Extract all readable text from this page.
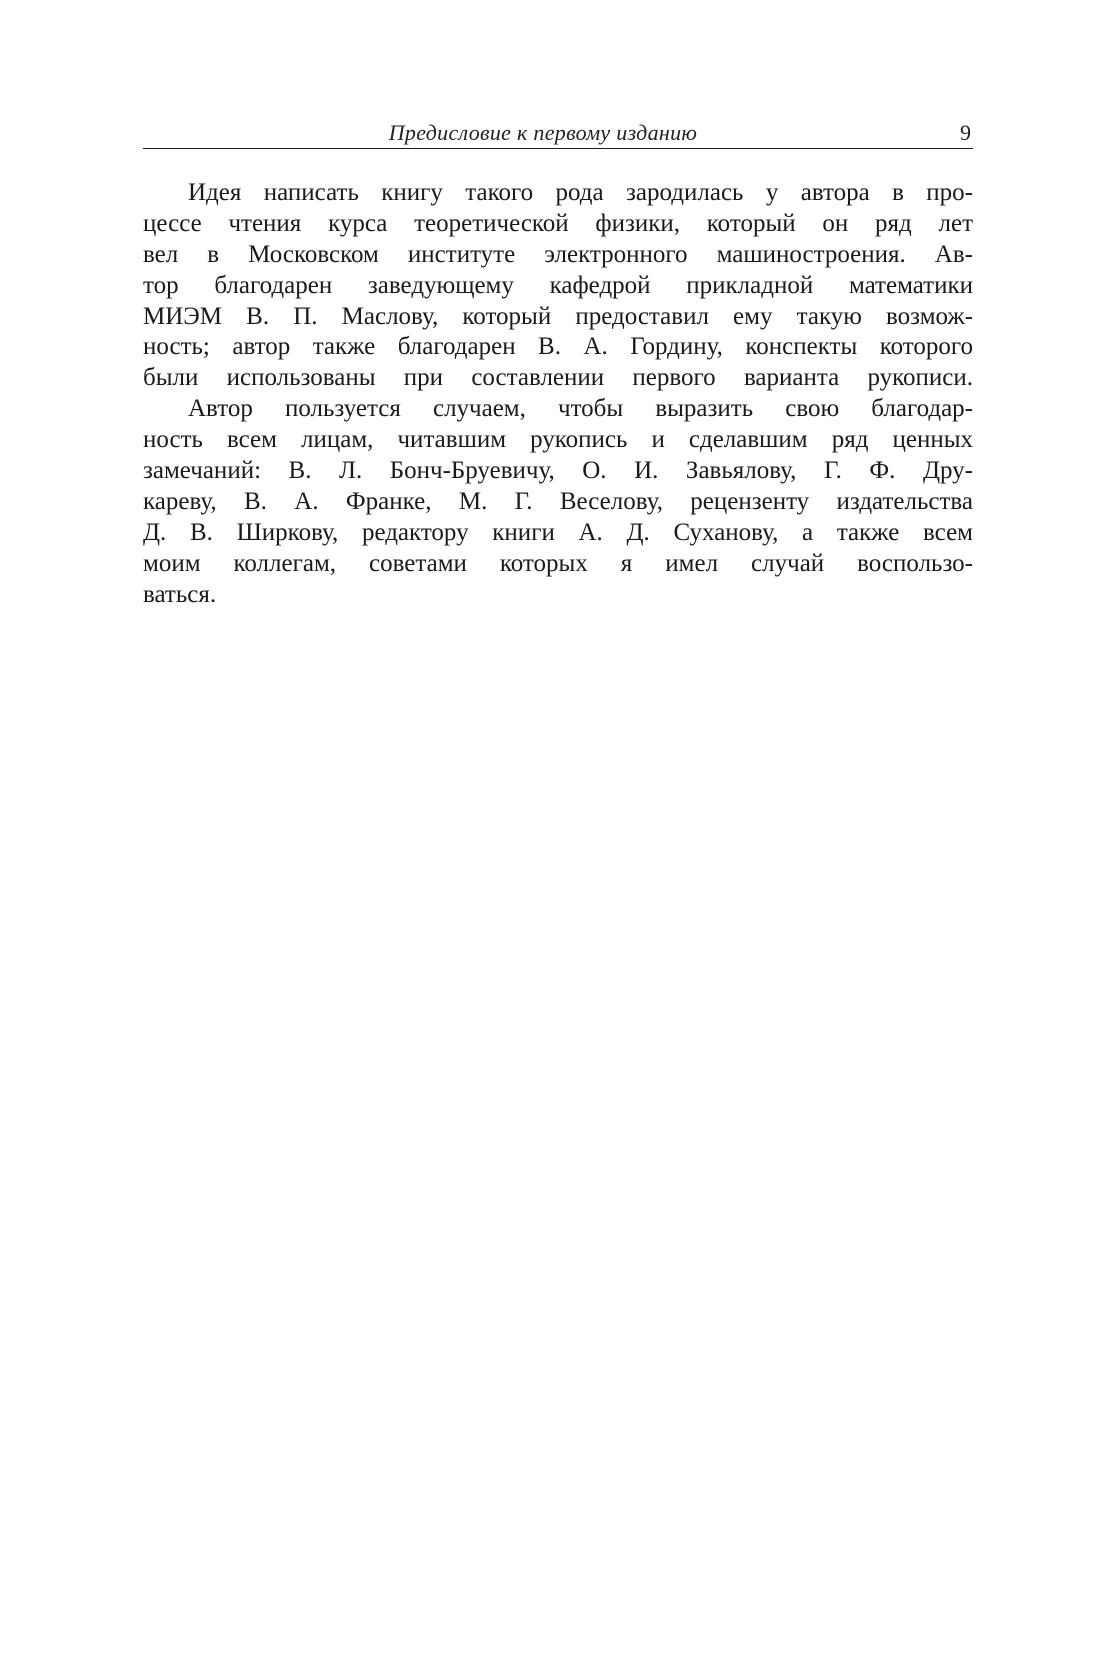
Предисловие к первому изданию	9
Идея написать книгу такого рода зародилась у автора в про-
цессе чтения курса теоретической физики, который он ряд лет
вел в Московском институте электронного машиностроения. Ав-
тор благодарен заведующему кафедрой прикладной математики
МИЭМ В. П. Маслову, который предоставил ему такую возмож-
ность; автор также благодарен В. А. Гордину, конспекты которого
были использованы при составлении первого варианта рукописи.
Автор пользуется случаем, чтобы выразить свою благодар-
ность всем лицам, читавшим рукопись и сделавшим ряд ценных
замечаний: В. Л. Бонч-Бруевичу, О. И. Завьялову, Г. Ф. Дру-
кареву, В. А. Франке, М. Г. Веселову, рецензенту издательства
Д. В. Ширкову, редактору книги А. Д. Суханову, а также всем
моим коллегам, советами которых я имел случай воспользо-
ваться.
